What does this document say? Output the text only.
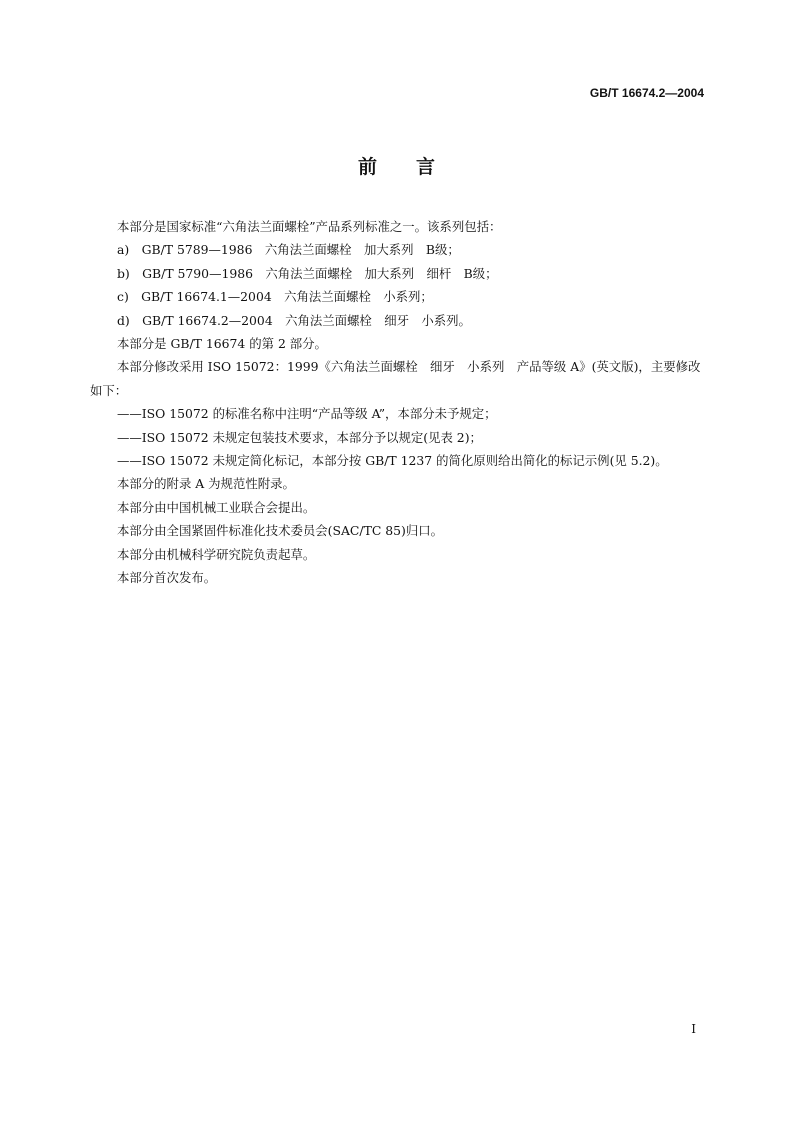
GB/T 16674.2—2004
前 言

本部分是国家标准“六角法兰面螺栓”产品系列标准之一。该系列包括：

a) GB/T 5789—1986 六角法兰面螺栓 加大系列 B级；

b) GB/T 5790—1986 六角法兰面螺栓 加大系列 细杆 B级；

c) GB/T 16674.1—2004 六角法兰面螺栓 小系列；

d) GB/T 16674.2—2004 六角法兰面螺栓 细牙 小系列。

本部分是 GB/T 16674 的第 2 部分。

本部分修改采用 ISO 15072：1999《六角法兰面螺栓 细牙 小系列 产品等级 A》(英文版)，主要修改如下：

——ISO 15072 的标准名称中注明“产品等级 A”，本部分未予规定；

——ISO 15072 未规定包装技术要求，本部分予以规定(见表 2)；

——ISO 15072 未规定简化标记，本部分按 GB/T 1237 的简化原则给出简化的标记示例(见 5.2)。

本部分的附录 A 为规范性附录。

本部分由中国机械工业联合会提出。

本部分由全国紧固件标准化技术委员会(SAC/TC 85)归口。

本部分由机械科学研究院负责起草。

本部分首次发布。

I
